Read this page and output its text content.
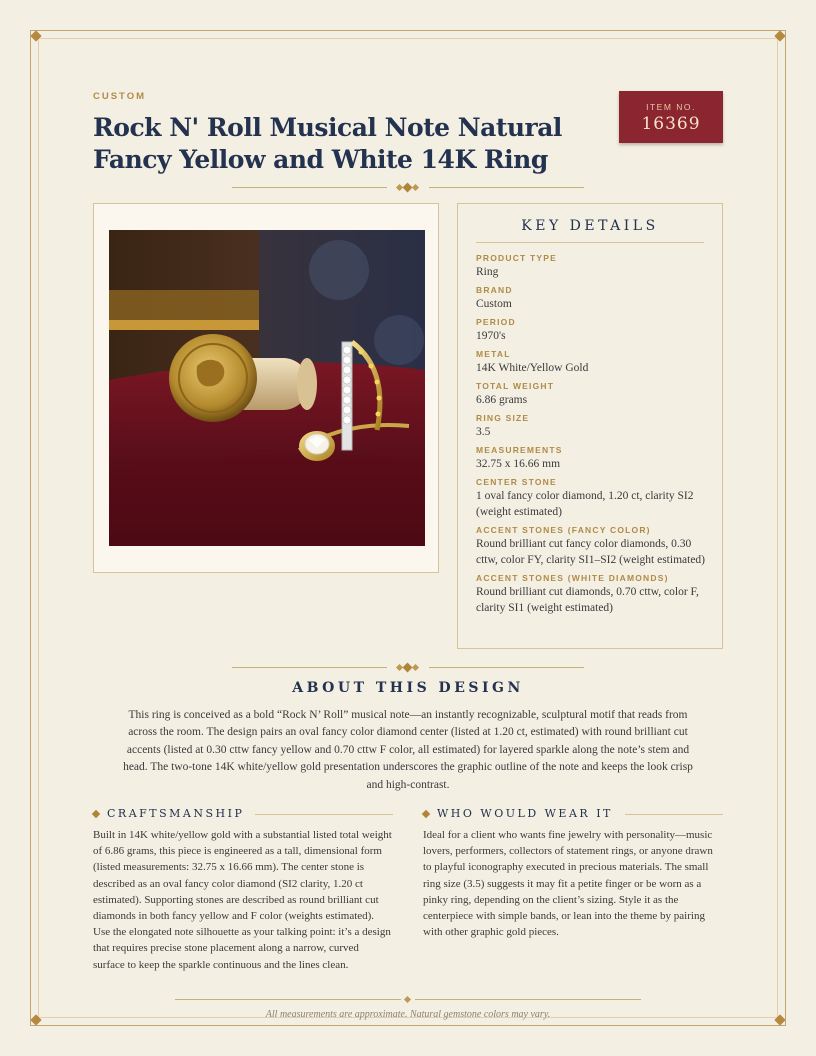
CUSTOM
Rock N' Roll Musical Note Natural Fancy Yellow and White 14K Ring
ITEM NO.
16369
KEY DETAILS
PRODUCT TYPE
Ring
BRAND
Custom
PERIOD
1970's
METAL
14K White/Yellow Gold
TOTAL WEIGHT
6.86 grams
RING SIZE
3.5
MEASUREMENTS
32.75 x 16.66 mm
CENTER STONE
1 oval fancy color diamond, 1.20 ct, clarity SI2 (weight estimated)
ACCENT STONES (FANCY COLOR)
Round brilliant cut fancy color diamonds, 0.30 cttw, color FY, clarity SI1–SI2 (weight estimated)
ACCENT STONES (WHITE DIAMONDS)
Round brilliant cut diamonds, 0.70 cttw, color F, clarity SI1 (weight estimated)
ABOUT THIS DESIGN

This ring is conceived as a bold “Rock N’ Roll” musical note—an instantly recognizable, sculptural motif that reads from across the room. The design pairs an oval fancy color diamond center (listed at 1.20 ct, estimated) with round brilliant cut accents (listed at 0.30 cttw fancy yellow and 0.70 cttw F color, all estimated) for layered sparkle along the note’s stem and head. The two-tone 14K white/yellow gold presentation underscores the graphic outline of the note and keeps the look crisp and high-contrast.

CRAFTSMANSHIP

Built in 14K white/yellow gold with a substantial listed total weight of 6.86 grams, this piece is engineered as a tall, dimensional form (listed measurements: 32.75 x 16.66 mm). The center stone is described as an oval fancy color diamond (SI2 clarity, 1.20 ct estimated). Supporting stones are described as round brilliant cut diamonds in both fancy yellow and F color (weights estimated). Use the elongated note silhouette as your talking point: it’s a design that requires precise stone placement along a narrow, curved surface to keep the sparkle continuous and the lines clean.

WHO WOULD WEAR IT

Ideal for a client who wants fine jewelry with personality—music lovers, performers, collectors of statement rings, or anyone drawn to playful iconography executed in precious materials. The small ring size (3.5) suggests it may fit a petite finger or be worn as a pinky ring, depending on the client’s sizing. Style it as the centerpiece with simple bands, or lean into the theme by pairing with other graphic gold pieces.

All measurements are approximate. Natural gemstone colors may vary.
